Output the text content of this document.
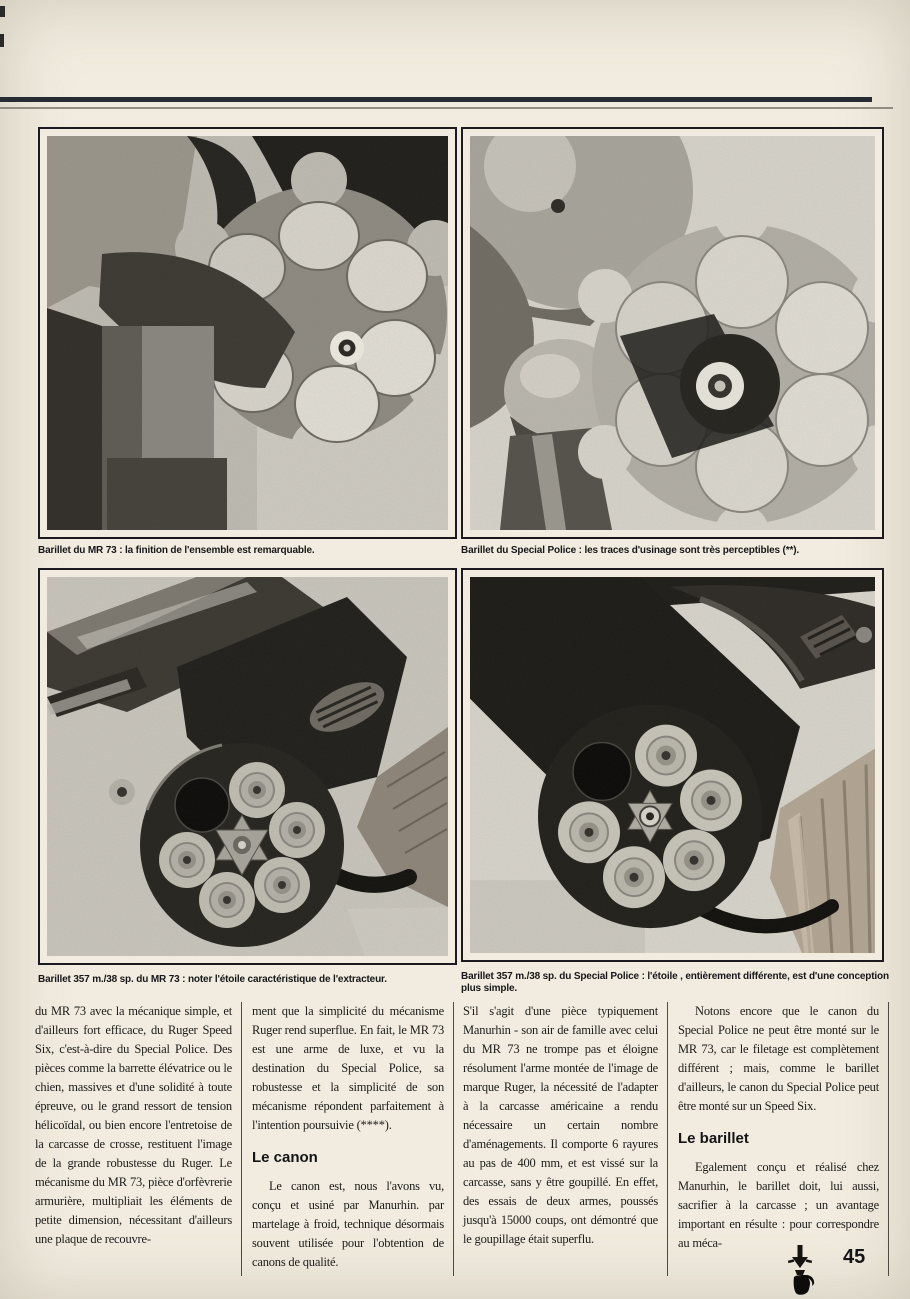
Barillet du MR 73 : la finition de l'ensemble est remarquable.	Barillet du Special Police : les traces d'usinage sont très perceptibles (**).

Barillet 357 m./38 sp. du MR 73 : noter l'étoile caractéristique de l'extracteur.	Barillet 357 m./38 sp. du Special Police : l'étoile , entièrement différente, est d'une conception plus simple.

du MR 73 avec la mécanique simple, et d'ailleurs fort efficace, du Ruger Speed Six, c'est-à-dire du Special Police. Des pièces comme la barrette élévatrice ou le chien, massives et d'une solidité à toute épreuve, ou le grand ressort de tension hélicoïdal, ou bien encore l'entretoise de la carcasse de crosse, restituent l'image de la grande robustesse du Ruger. Le mécanisme du MR 73, pièce d'orfèvrerie armurière, multipliait les éléments de petite dimension, nécessitant d'ailleurs une plaque de recouvre-

ment que la simplicité du mécanisme Ruger rend superflue. En fait, le MR 73 est une arme de luxe, et vu la destination du Special Police, sa robustesse et la simplicité de son mécanisme répondent parfaitement à l'intention poursuivie (****).

Le canon

Le canon est, nous l'avons vu, conçu et usiné par Manurhin. par martelage à froid, technique désormais souvent utilisée pour l'obtention de canons de qualité.

S'il s'agit d'une pièce typiquement Manurhin - son air de famille avec celui du MR 73 ne trompe pas et éloigne résolument l'arme montée de l'image de marque Ruger, la nécessité de l'adapter à la carcasse américaine a rendu nécessaire un certain nombre d'aménagements. Il comporte 6 rayures au pas de 400 mm, et est vissé sur la carcasse, sans y être goupillé. En effet, des essais de deux armes, poussés jusqu'à 15000 coups, ont démontré que le goupillage était superflu.

Notons encore que le canon du Special Police ne peut être monté sur le MR 73, car le filetage est complètement différent ; mais, comme le barillet d'ailleurs, le canon du Special Police peut être monté sur un Speed Six.

Le barillet

Egalement conçu et réalisé chez Manurhin, le barillet doit, lui aussi, sacrifier à la carcasse ; un avantage important en résulte : pour correspondre au méca-

45
